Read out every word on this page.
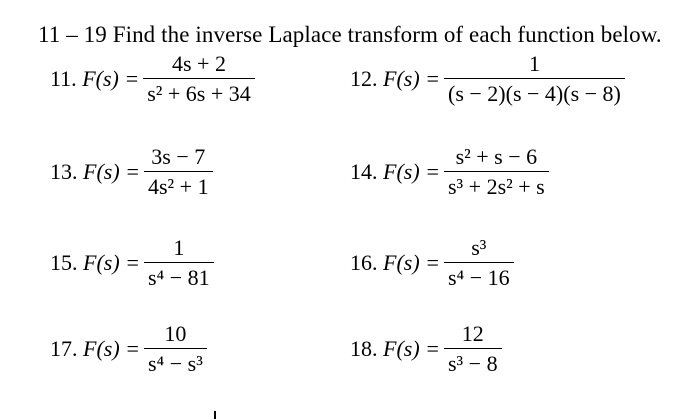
11 – 19 Find the inverse Laplace transform of each function below.
11. $F(s) = \frac{4s + 2}{\text{s² + 6s + 34}}$	12. $F(s) = \frac{1}{(s - 2)(s - 4)(s - 8)}$
13. $F(s) = \frac{3s - 7}{\text{4s² + 1}}$	14. $F(s) = \frac{\text{s² + s − 6}}{\text{s³ + 2s² + s}}$
15. $F(s) = \frac{1}{\text{s⁴ − 81}}$	16. $F(s) = \frac{\text{s³}}{\text{s⁴ − 16}}$
17. $F(s) = \frac{10}{\text{s⁴ − s³}}$	18. $F(s) = \frac{12}{\text{s³ − 8}}$
